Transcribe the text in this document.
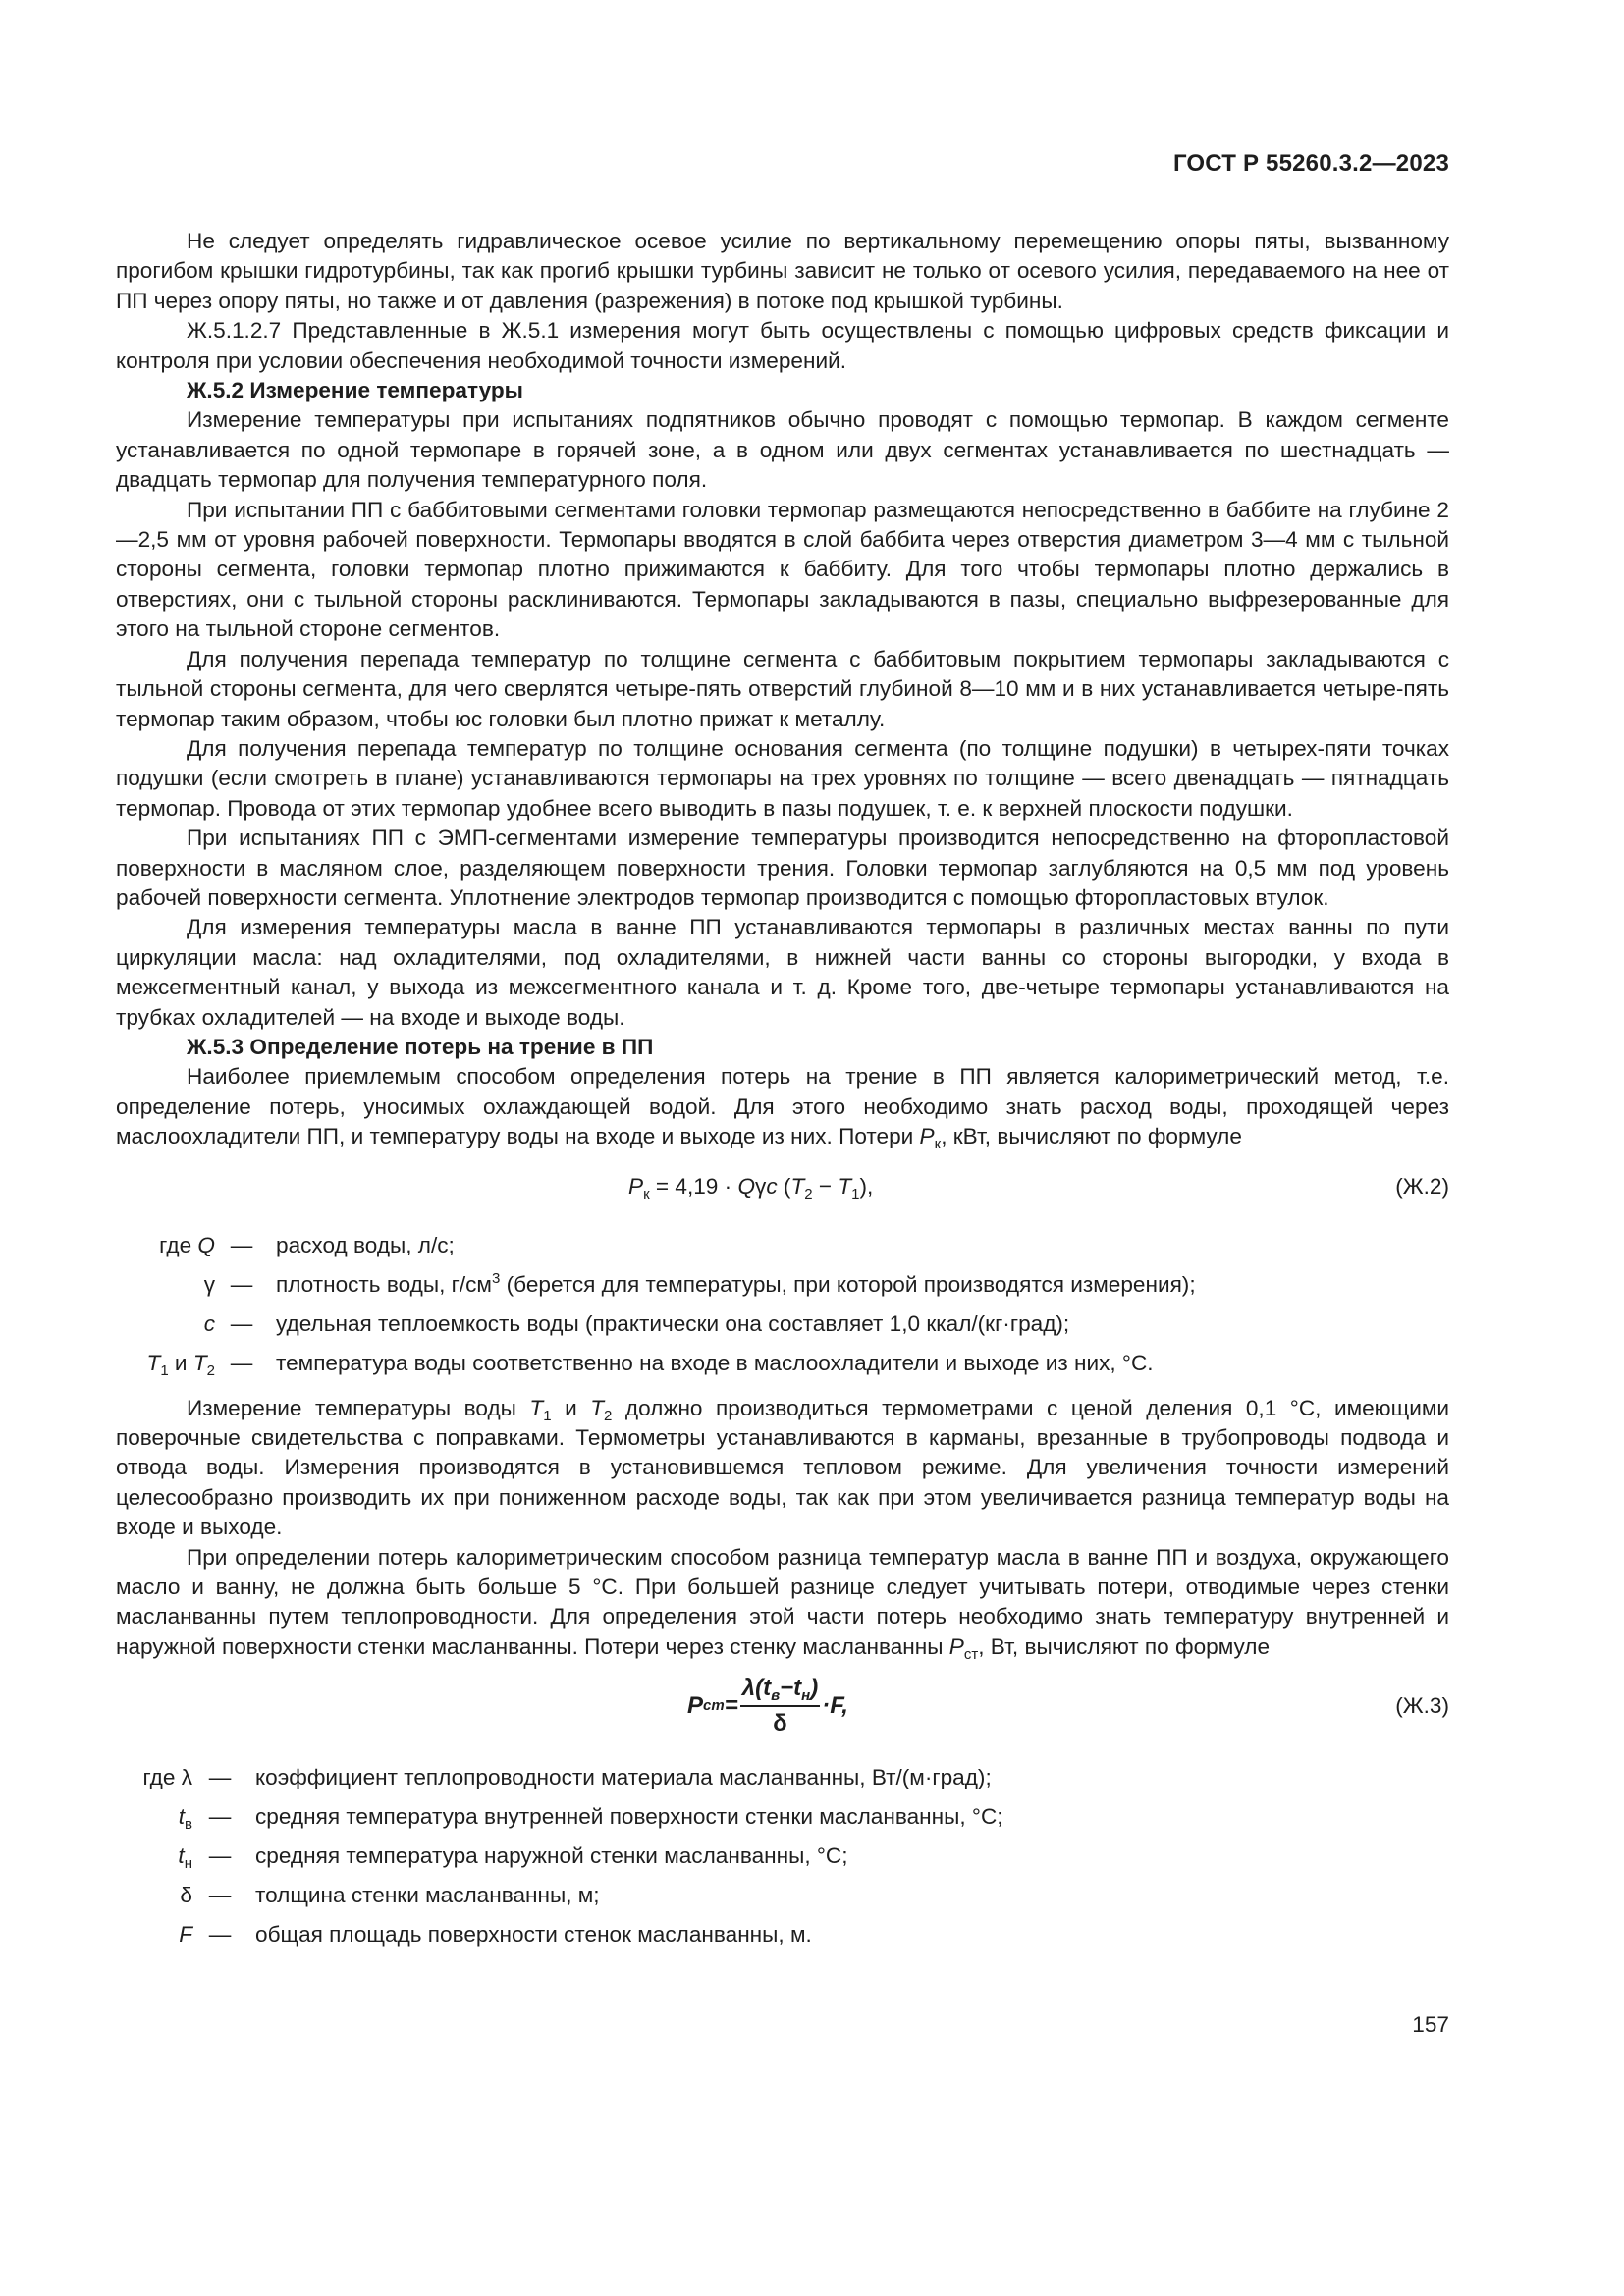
ГОСТ Р 55260.3.2—2023

Не следует определять гидравлическое осевое усилие по вертикальному перемещению опоры пяты, вызванному прогибом крышки гидротурбины, так как прогиб крышки турбины зависит не только от осевого усилия, передаваемого на нее от ПП через опору пяты, но также и от давления (разрежения) в потоке под крышкой турбины.

Ж.5.1.2.7 Представленные в Ж.5.1 измерения могут быть осуществлены с помощью цифровых средств фиксации и контроля при условии обеспечения необходимой точности измерений.

Ж.5.2 Измерение температуры

Измерение температуры при испытаниях подпятников обычно проводят с помощью термопар. В каждом сегменте устанавливается по одной термопаре в горячей зоне, а в одном или двух сегментах устанавливается по шестнадцать — двадцать термопар для получения температурного поля.

При испытании ПП с баббитовыми сегментами головки термопар размещаются непосредственно в баббите на глубине 2—2,5 мм от уровня рабочей поверхности. Термопары вводятся в слой баббита через отверстия диаметром 3—4 мм с тыльной стороны сегмента, головки термопар плотно прижимаются к баббиту. Для того чтобы термопары плотно держались в отверстиях, они с тыльной стороны расклиниваются. Термопары закладываются в пазы, специально выфрезерованные для этого на тыльной стороне сегментов.

Для получения перепада температур по толщине сегмента с баббитовым покрытием термопары закладываются с тыльной стороны сегмента, для чего сверлятся четыре-пять отверстий глубиной 8—10 мм и в них устанавливается четыре-пять термопар таким образом, чтобы юс головки был плотно прижат к металлу.

Для получения перепада температур по толщине основания сегмента (по толщине подушки) в четырех-пяти точках подушки (если смотреть в плане) устанавливаются термопары на трех уровнях по толщине — всего двенадцать — пятнадцать термопар. Провода от этих термопар удобнее всего выводить в пазы подушек, т. е. к верхней плоскости подушки.

При испытаниях ПП с ЭМП-сегментами измерение температуры производится непосредственно на фторопластовой поверхности в масляном слое, разделяющем поверхности трения. Головки термопар заглубляются на 0,5 мм под уровень рабочей поверхности сегмента. Уплотнение электродов термопар производится с помощью фторопластовых втулок.

Для измерения температуры масла в ванне ПП устанавливаются термопары в различных местах ванны по пути циркуляции масла: над охладителями, под охладителями, в нижней части ванны со стороны выгородки, у входа в межсегментный канал, у выхода из межсегментного канала и т. д. Кроме того, две-четыре термопары устанавливаются на трубках охладителей — на входе и выходе воды.

Ж.5.3 Определение потерь на трение в ПП

Наиболее приемлемым способом определения потерь на трение в ПП является калориметрический метод, т.е. определение потерь, уносимых охлаждающей водой. Для этого необходимо знать расход воды, проходящей через маслоохладители ПП, и температуру воды на входе и выходе из них. Потери $P_к$, кВт, вычисляют по формуле

$P_к = 4,19 \cdot Q\gamma c$ $(T_2 - T_1)$,	(Ж.2)
где Q —	расход воды, л/с;
γ —	плотность воды, $г/см^3$ (берется для температуры, при которой производятся измерения);
c —	удельная теплоемкость воды (практически она составляет 1,0 ккал/(кг·град);
$T_1$ и $T_2$ —	температура воды соответственно на входе в маслоохладители и выходе из них, °С.

Измерение температуры воды $T_1$ и $T_2$ должно производиться термометрами с ценой деления 0,1 °С, имеющими поверочные свидетельства с поправками. Термометры устанавливаются в карманы, врезанные в трубопроводы подвода и отвода воды. Измерения производятся в установившемся тепловом режиме. Для увеличения точности измерений целесообразно производить их при пониженном расходе воды, так как при этом увеличивается разница температур воды на входе и выходе.

При определении потерь калориметрическим способом разница температур масла в ванне ПП и воздуха, окружающего масло и ванну, не должна быть больше 5 °С. При большей разнице следует учитывать потери, отводимые через стенки масланванны путем теплопроводности. Для определения этой части потерь необходимо знать температуру внутренней и наружной поверхности стенки масланванны. Потери через стенку масланванны $P_{ст}$, Вт, вычисляют по формуле

P ст = $\frac{\lambda(t_в-t_н)}{\delta} \cdot F$,	(Ж.3)
где λ —	коэффициент теплопроводности материала масланванны, Вт/(м·град);
$t_в$ —	средняя температура внутренней поверхности стенки масланванны, °С;
$t_н$ —	средняя температура наружной стенки масланванны, °С;
δ —	толщина стенки масланванны, м;
F —	общая площадь поверхности стенок масланванны, м.
157
